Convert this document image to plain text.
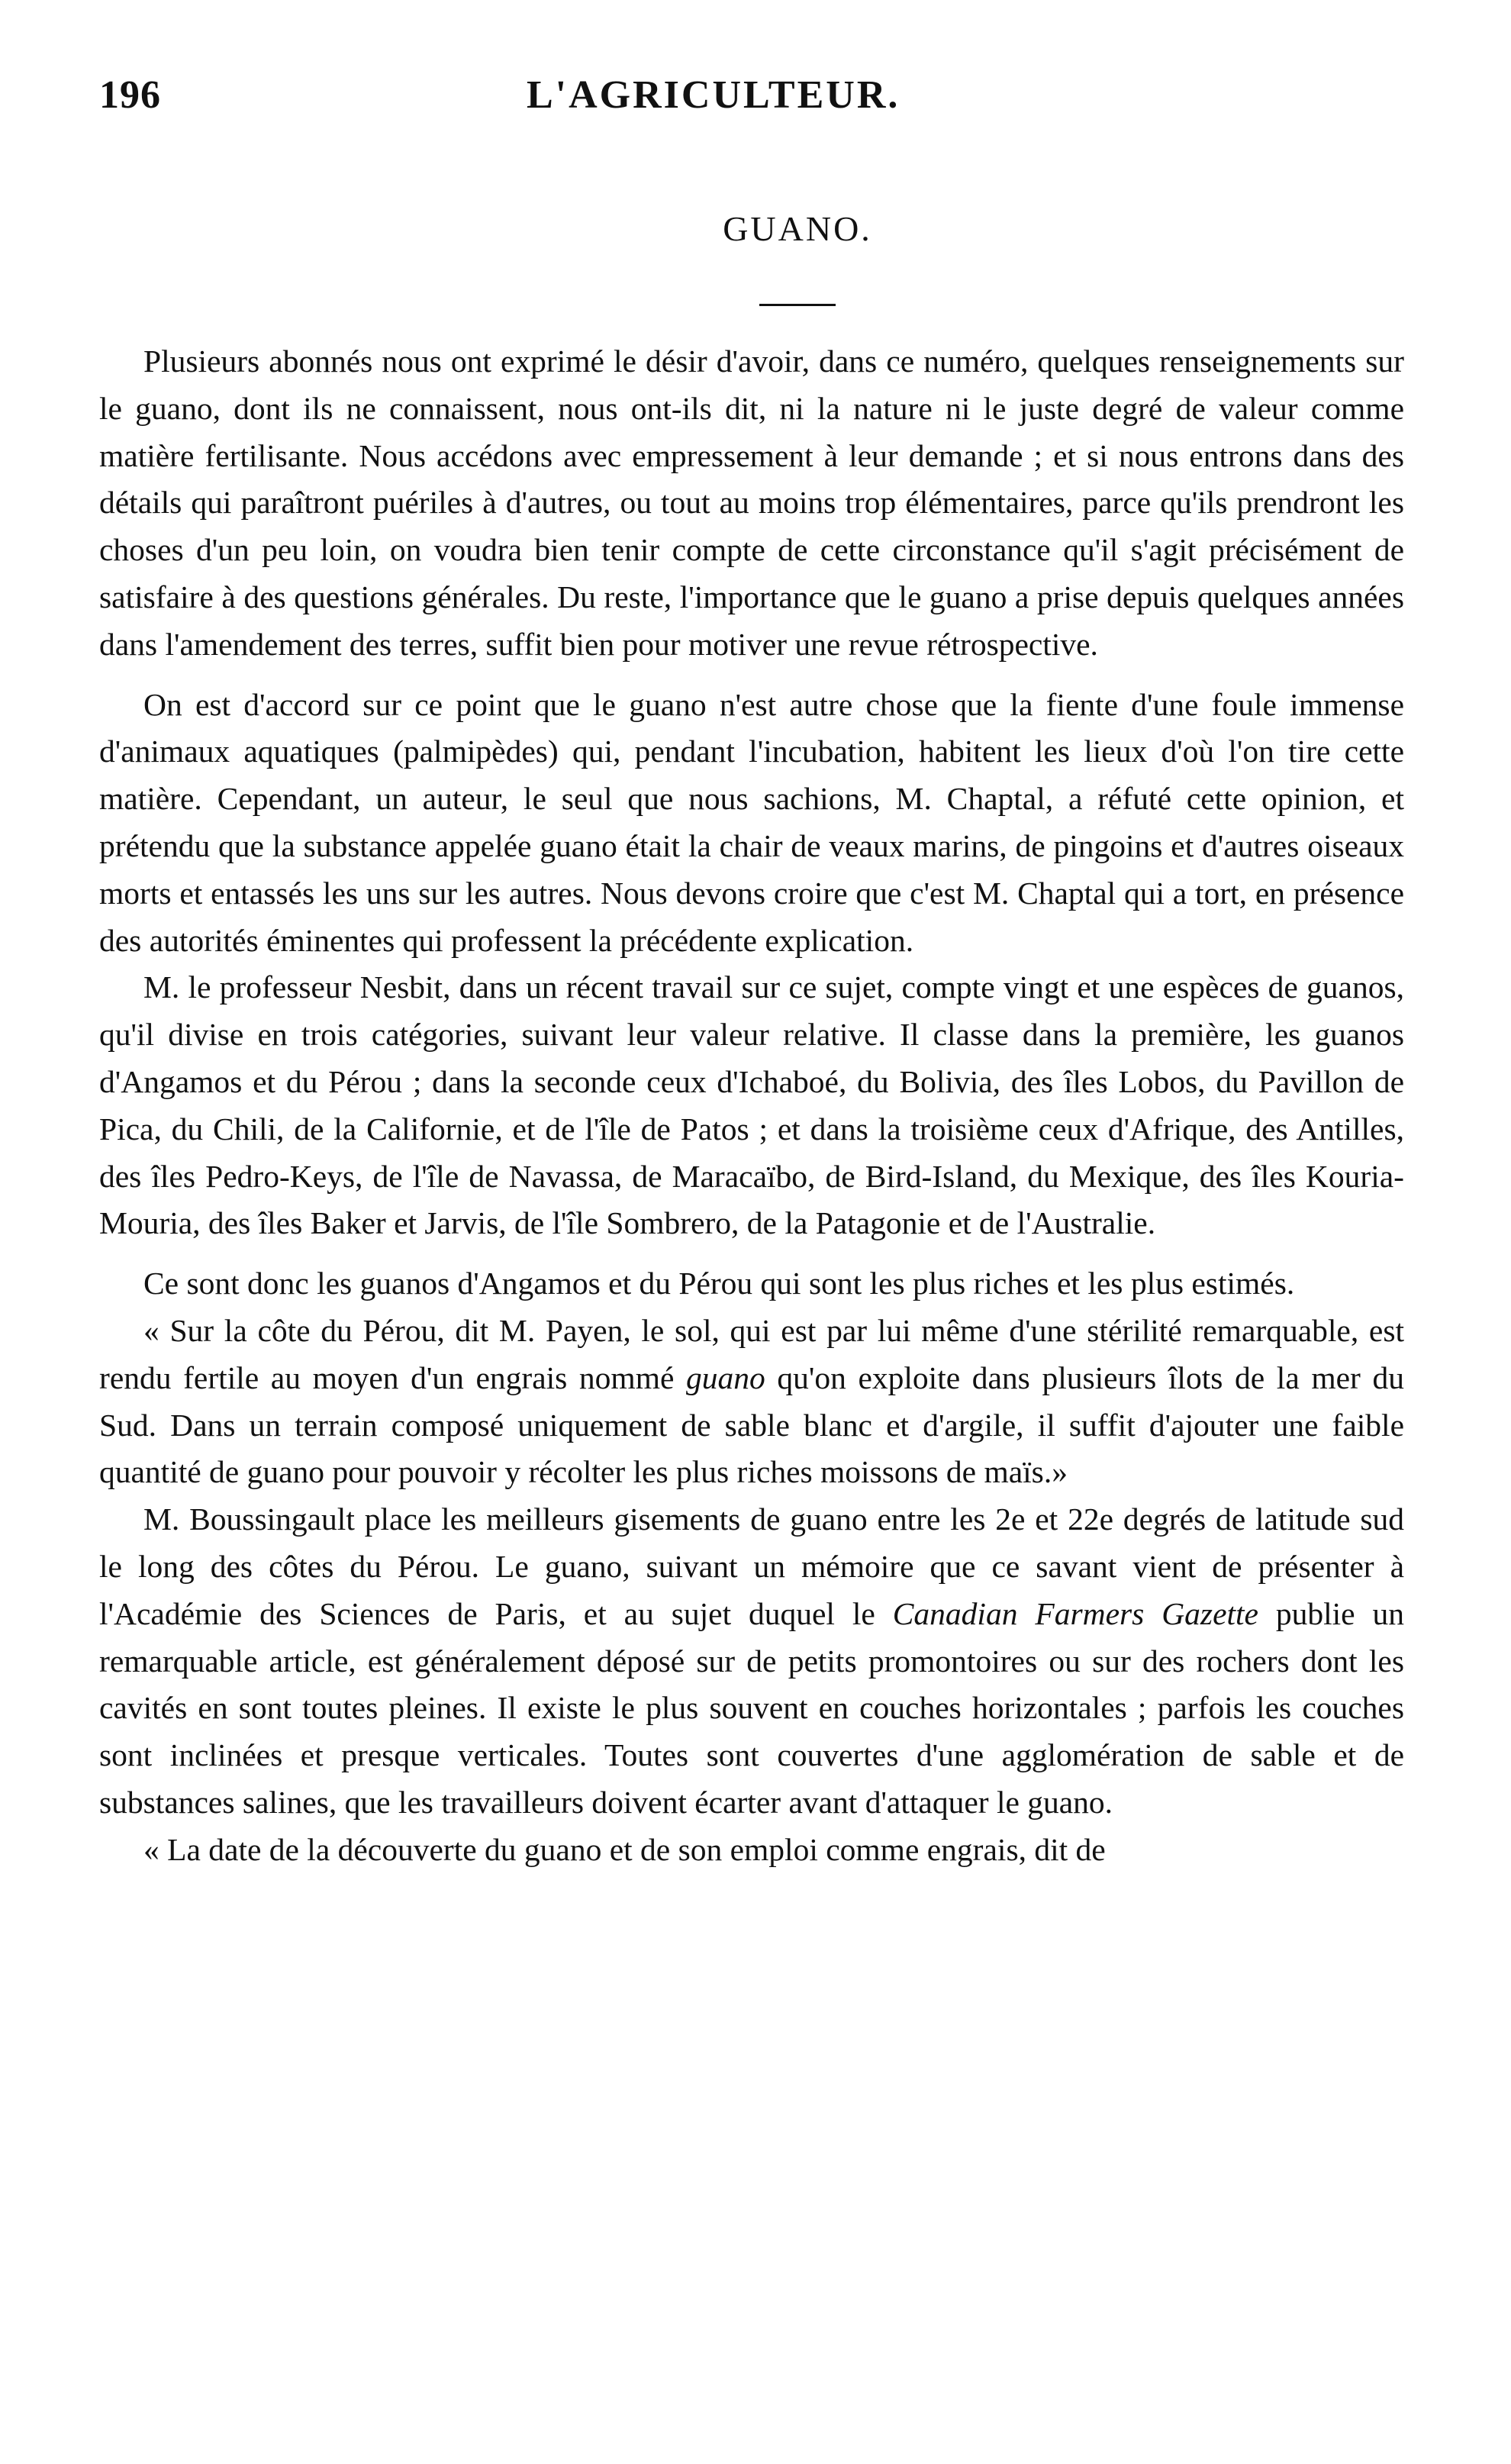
196	L'AGRICULTEUR.
GUANO.

Plusieurs abonnés nous ont exprimé le désir d'avoir, dans ce numéro, quelques renseignements sur le guano, dont ils ne connaissent, nous ont-ils dit, ni la nature ni le juste degré de valeur comme matière fertilisante. Nous accédons avec empressement à leur demande ; et si nous entrons dans des détails qui paraîtront puériles à d'autres, ou tout au moins trop élémentaires, parce qu'ils prendront les choses d'un peu loin, on voudra bien tenir compte de cette circonstance qu'il s'agit précisément de satisfaire à des questions générales. Du reste, l'importance que le guano a prise depuis quelques années dans l'amendement des terres, suffit bien pour motiver une revue rétrospective.

On est d'accord sur ce point que le guano n'est autre chose que la fiente d'une foule immense d'animaux aquatiques (palmipèdes) qui, pendant l'incubation, habitent les lieux d'où l'on tire cette matière. Cependant, un auteur, le seul que nous sachions, M. Chaptal, a réfuté cette opinion, et prétendu que la substance appelée guano était la chair de veaux marins, de pingoins et d'autres oiseaux morts et entassés les uns sur les autres. Nous devons croire que c'est M. Chaptal qui a tort, en présence des autorités éminentes qui professent la précédente explication.

M. le professeur Nesbit, dans un récent travail sur ce sujet, compte vingt et une espèces de guanos, qu'il divise en trois catégories, suivant leur valeur relative. Il classe dans la première, les guanos d'Angamos et du Pérou ; dans la seconde ceux d'Ichaboé, du Bolivia, des îles Lobos, du Pavillon de Pica, du Chili, de la Californie, et de l'île de Patos ; et dans la troisième ceux d'Afrique, des Antilles, des îles Pedro-Keys, de l'île de Navassa, de Maracaïbo, de Bird-Island, du Mexique, des îles Kouria-Mouria, des îles Baker et Jarvis, de l'île Sombrero, de la Patagonie et de l'Australie.

Ce sont donc les guanos d'Angamos et du Pérou qui sont les plus riches et les plus estimés.

« Sur la côte du Pérou, dit M. Payen, le sol, qui est par lui même d'une stérilité remarquable, est rendu fertile au moyen d'un engrais nommé guano qu'on exploite dans plusieurs îlots de la mer du Sud. Dans un terrain composé uniquement de sable blanc et d'argile, il suffit d'ajouter une faible quantité de guano pour pouvoir y récolter les plus riches moissons de maïs.»

M. Boussingault place les meilleurs gisements de guano entre les 2e et 22e degrés de latitude sud le long des côtes du Pérou. Le guano, suivant un mémoire que ce savant vient de présenter à l'Académie des Sciences de Paris, et au sujet duquel le Canadian Farmers Gazette publie un remarquable article, est généralement déposé sur de petits promontoires ou sur des rochers dont les cavités en sont toutes pleines. Il existe le plus souvent en couches horizontales ; parfois les couches sont inclinées et presque verticales. Toutes sont couvertes d'une agglomération de sable et de substances salines, que les travailleurs doivent écarter avant d'attaquer le guano.

« La date de la découverte du guano et de son emploi comme engrais, dit de
